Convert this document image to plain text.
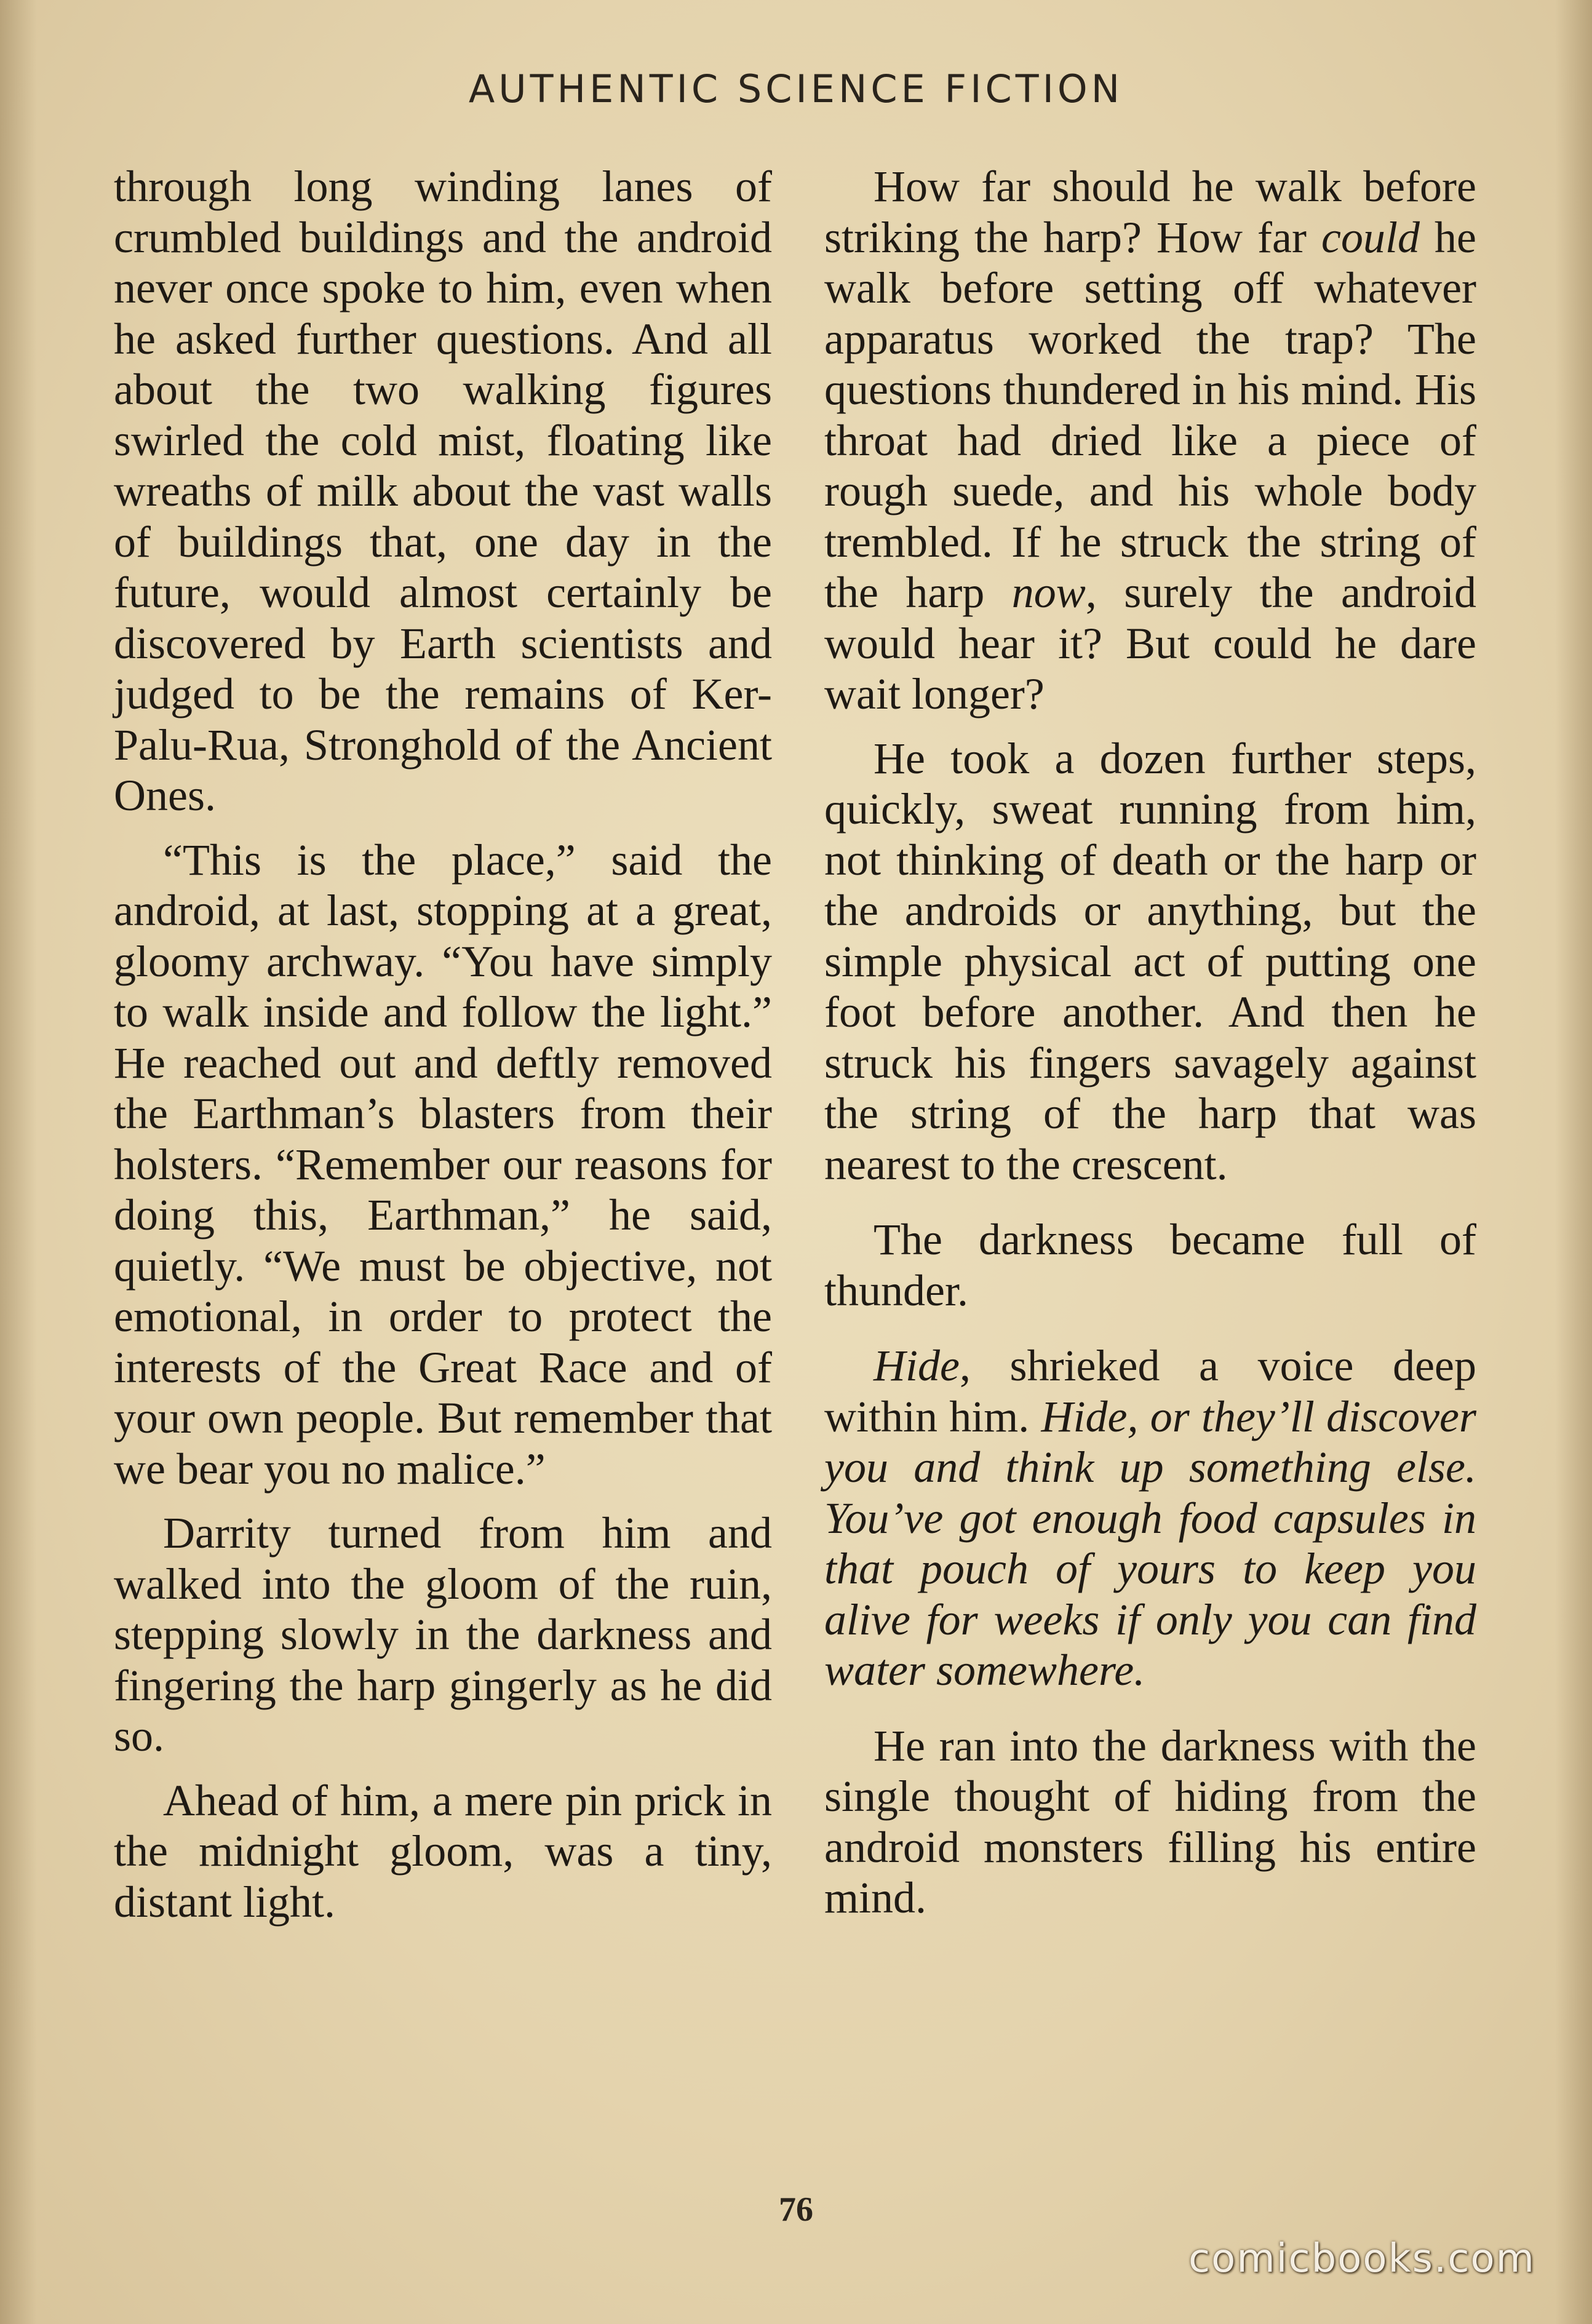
AUTHENTIC SCIENCE FICTION

through long winding lanes of crumbled buildings and the android never once spoke to him, even when he asked further questions. And all about the two walking figures swirled the cold mist, floating like wreaths of milk about the vast walls of buildings that, one day in the future, would almost certainly be discovered by Earth scientists and judged to be the remains of Ker-Palu-Rua, Stronghold of the Ancient Ones.

“This is the place,” said the android, at last, stopping at a great, gloomy archway. “You have simply to walk inside and follow the light.” He reached out and deftly removed the Earthman’s blasters from their holsters. “Remember our reasons for doing this, Earthman,” he said, quietly. “We must be objective, not emotional, in order to protect the interests of the Great Race and of your own people. But remember that we bear you no malice.”

Darrity turned from him and walked into the gloom of the ruin, stepping slowly in the darkness and fingering the harp gingerly as he did so.

Ahead of him, a mere pin prick in the midnight gloom, was a tiny, distant light.

How far should he walk before striking the harp? How far could he walk before setting off whatever apparatus worked the trap? The questions thundered in his mind. His throat had dried like a piece of rough suede, and his whole body trembled. If he struck the string of the harp now, surely the android would hear it? But could he dare wait longer?

He took a dozen further steps, quickly, sweat running from him, not thinking of death or the harp or the androids or anything, but the simple physical act of putting one foot before another. And then he struck his fingers savagely against the string of the harp that was nearest to the crescent.

The darkness became full of thunder.

Hide, shrieked a voice deep within him. Hide, or they’ll discover you and think up something else. You’ve got enough food capsules in that pouch of yours to keep you alive for weeks if only you can find water somewhere.

He ran into the darkness with the single thought of hiding from the android monsters filling his entire mind.

76
comicbooks.com
